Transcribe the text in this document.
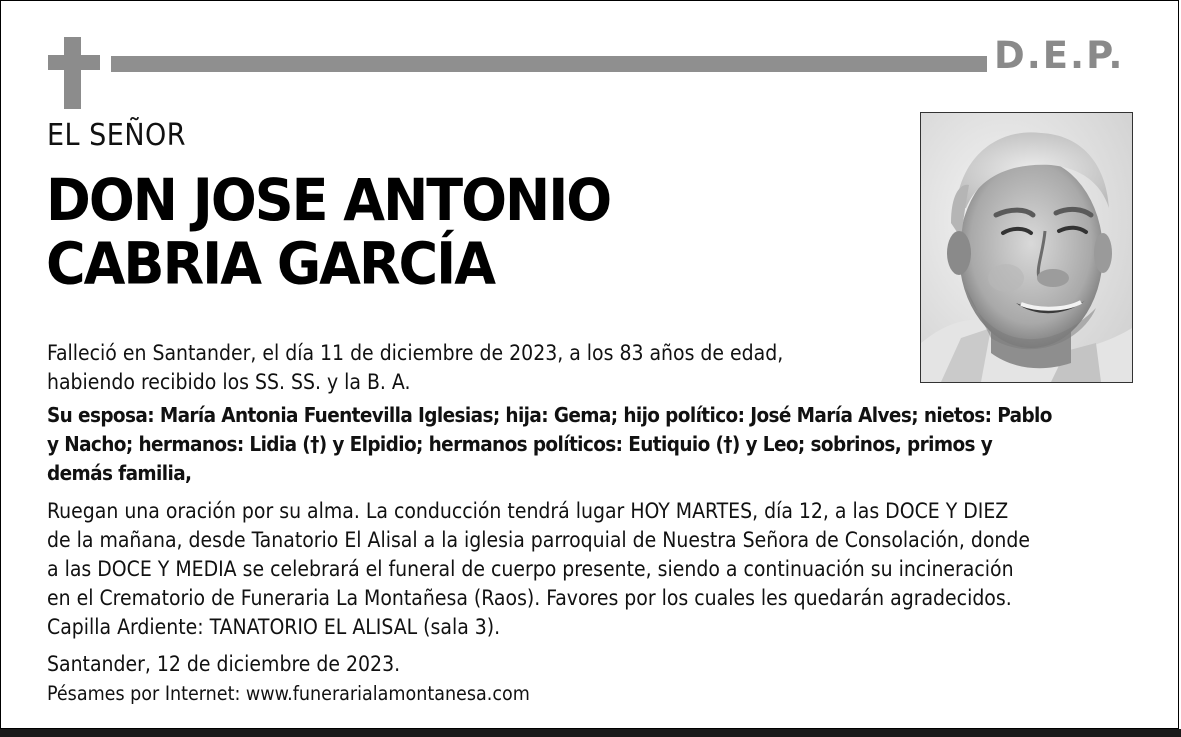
D.E.P.
EL SEÑOR
DON JOSE ANTONIO
CABRIA GARCÍA
Falleció en Santander, el día 11 de diciembre de 2023, a los 83 años de edad,
habiendo recibido los SS. SS. y la B. A.
Su esposa: María Antonia Fuentevilla Iglesias; hija: Gema; hijo político: José María Alves; nietos: Pablo
y Nacho; hermanos: Lidia (†) y Elpidio; hermanos políticos: Eutiquio (†) y Leo; sobrinos, primos y
demás familia,
Ruegan una oración por su alma. La conducción tendrá lugar HOY MARTES, día 12, a las DOCE Y DIEZ
de la mañana, desde Tanatorio El Alisal a la iglesia parroquial de Nuestra Señora de Consolación, donde
a las DOCE Y MEDIA se celebrará el funeral de cuerpo presente, siendo a continuación su incineración
en el Crematorio de Funeraria La Montañesa (Raos). Favores por los cuales les quedarán agradecidos.
Capilla Ardiente: TANATORIO EL ALISAL (sala 3).
Santander, 12 de diciembre de 2023.
Pésames por Internet: www.funerarialamontanesa.com
